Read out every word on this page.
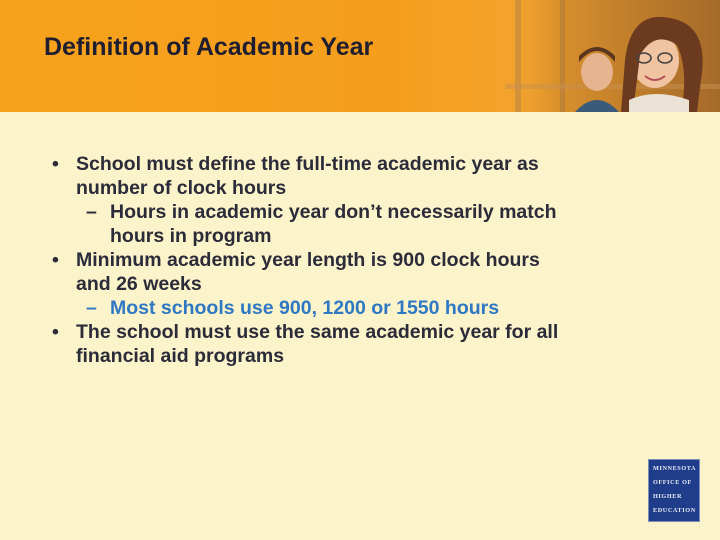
Definition of Academic Year
• School must define the full-time academic year as
number of clock hours
– Hours in academic year don’t necessarily match
hours in program
• Minimum academic year length is 900 clock hours
and 26 weeks
– Most schools use 900, 1200 or 1550 hours
• The school must use the same academic year for all
financial aid programs
MINNESOTA
OFFICE OF
HIGHER
EDUCATION
